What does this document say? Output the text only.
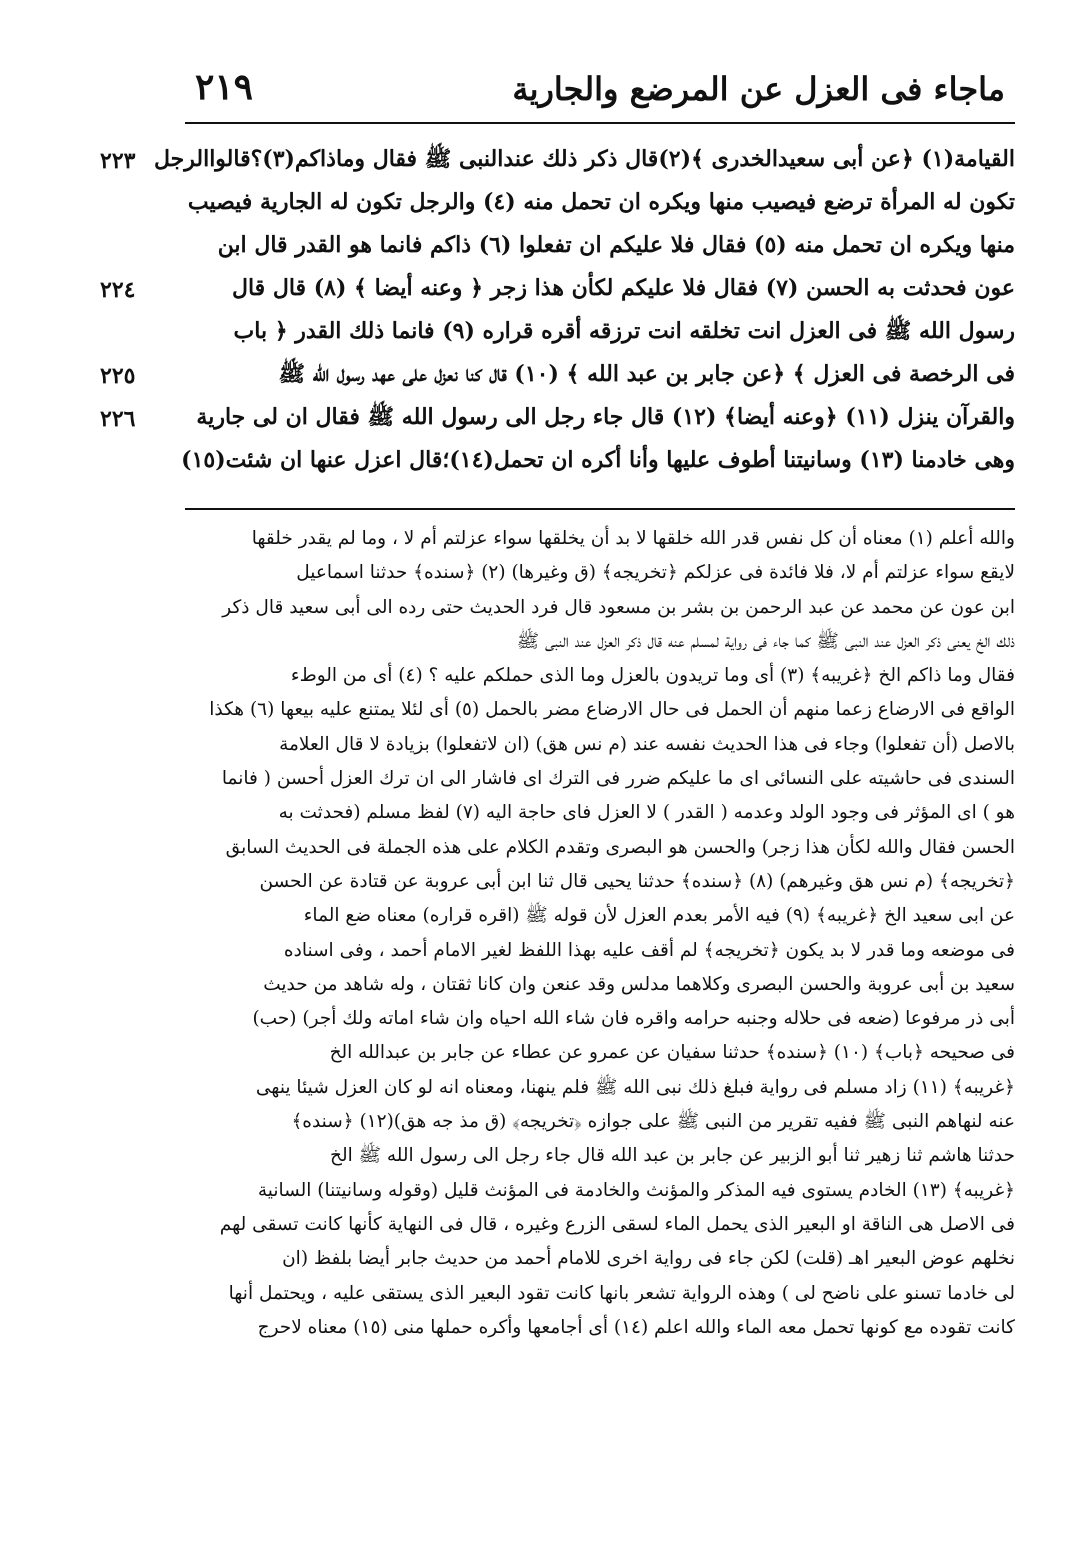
ماجاء فى العزل عن المرضع والجارية
٢١٩
القيامة(١) ﴿عن أبى سعيدالخدرى ﴾(٢)قال ذكر ذلك عندالنبى ﷺ فقال وماذاكم(٣)؟قالواالرجل
تكون له المرأة ترضع فيصيب منها ويكره ان تحمل منه (٤) والرجل تكون له الجارية فيصيب
منها ويكره ان تحمل منه (٥) فقال فلا عليكم ان تفعلوا (٦) ذاكم فانما هو القدر قال ابن
عون فحدثت به الحسن (٧) فقال فلا عليكم لكأن هذا زجر ﴿ وعنه أيضا ﴾ (٨) قال قال
رسول الله ﷺ فى العزل انت تخلقه انت ترزقه أقره قراره (٩) فانما ذلك القدر ﴿ باب
فى الرخصة فى العزل ﴾ ﴿عن جابر بن عبد الله ﴾ (١٠) قال كنا نعزل على عهد رسول الله ﷺ
والقرآن ينزل (١١) ﴿وعنه أيضا﴾ (١٢) قال جاء رجل الى رسول الله ﷺ فقال ان لى جارية
وهى خادمنا (١٣) وسانيتنا أطوف عليها وأنا أكره ان تحمل(١٤)؛قال اعزل عنها ان شئت(١٥)
٢٢٣
٢٢٤
٢٢٥
٢٢٦
والله أعلم (١) معناه أن كل نفس قدر الله خلقها لا بد أن يخلقها سواء عزلتم أم لا ، وما لم يقدر خلقها
لايقع سواء عزلتم أم لا، فلا فائدة فى عزلكم ﴿تخريجه﴾ (ق وغيرها) (٢) ﴿سنده﴾ حدثنا اسماعيل
ابن عون عن محمد عن عبد الرحمن بن بشر بن مسعود قال فرد الحديث حتى رده الى أبى سعيد قال ذكر
ذلك الخ يعنى ذكر العزل عند النبى ﷺ كما جاء فى رواية لمسلم عنه قال ذكر العزل عند النبى ﷺ
فقال وما ذاكم الخ ﴿غريبه﴾ (٣) أى وما تريدون بالعزل وما الذى حملكم عليه ؟ (٤) أى من الوطء
الواقع فى الارضاع زعما منهم أن الحمل فى حال الارضاع مضر بالحمل (٥) أى لئلا يمتنع عليه بيعها (٦) هكذا
بالاصل (أن تفعلوا) وجاء فى هذا الحديث نفسه عند (م نس هق) (ان لاتفعلوا) بزيادة لا قال العلامة
السندى فى حاشيته على النسائى اى ما عليكم ضرر فى الترك اى فاشار الى ان ترك العزل أحسن ( فانما
هو ) اى المؤثر فى وجود الولد وعدمه ( القدر ) لا العزل فاى حاجة اليه (٧) لفظ مسلم (فحدثت به
الحسن فقال والله لكأن هذا زجر) والحسن هو البصرى وتقدم الكلام على هذه الجملة فى الحديث السابق
﴿تخريجه﴾ (م نس هق وغيرهم) (٨) ﴿سنده﴾ حدثنا يحيى قال ثنا ابن أبى عروبة عن قتادة عن الحسن
عن ابى سعيد الخ ﴿غريبه﴾ (٩) فيه الأمر بعدم العزل لأن قوله ﷺ (اقره قراره) معناه ضع الماء
فى موضعه وما قدر لا بد يكون ﴿تخريجه﴾ لم أقف عليه بهذا اللفظ لغير الامام أحمد ، وفى اسناده
سعيد بن أبى عروبة والحسن البصرى وكلاهما مدلس وقد عنعن وان كانا ثقتان ، وله شاهد من حديث
أبى ذر مرفوعا (ضعه فى حلاله وجنبه حرامه واقره فان شاء الله احياه وان شاء اماته ولك أجر) (حب)
فى صحيحه ﴿باب﴾ (١٠) ﴿سنده﴾ حدثنا سفيان عن عمرو عن عطاء عن جابر بن عبدالله الخ
﴿غريبه﴾ (١١) زاد مسلم فى رواية فبلغ ذلك نبى الله ﷺ فلم ينهنا، ومعناه انه لو كان العزل شيئا ينهى
عنه لنهاهم النبى ﷺ ففيه تقرير من النبى ﷺ على جوازه ﴿تخريجه﴾ (ق مذ جه هق)(١٢) ﴿سنده﴾
حدثنا هاشم ثنا زهير ثنا أبو الزبير عن جابر بن عبد الله قال جاء رجل الى رسول الله ﷺ الخ
﴿غريبه﴾ (١٣) الخادم يستوى فيه المذكر والمؤنث والخادمة فى المؤنث قليل (وقوله وسانيتنا) السانية
فى الاصل هى الناقة او البعير الذى يحمل الماء لسقى الزرع وغيره ، قال فى النهاية كأنها كانت تسقى لهم
نخلهم عوض البعير اهـ (قلت) لكن جاء فى رواية اخرى للامام أحمد من حديث جابر أيضا بلفظ (ان
لى خادما تسنو على ناضح لى ) وهذه الرواية تشعر بانها كانت تقود البعير الذى يستقى عليه ، ويحتمل أنها
كانت تقوده مع كونها تحمل معه الماء والله اعلم (١٤) أى أجامعها وأكره حملها منى (١٥) معناه لاحرج
